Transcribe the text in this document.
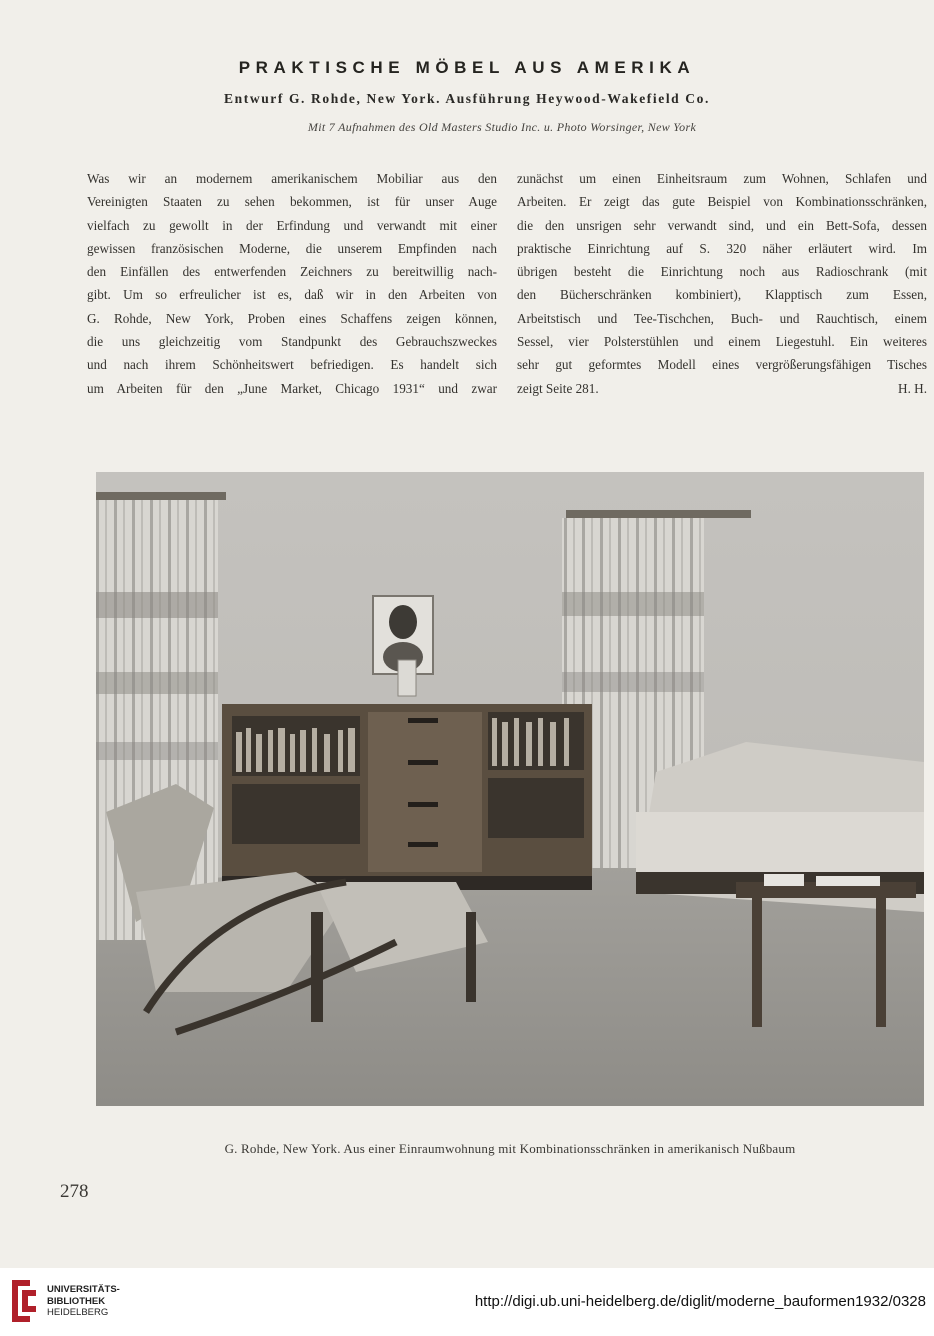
PRAKTISCHE MÖBEL AUS AMERIKA
Entwurf G. Rohde, New York. Ausführung Heywood-Wakefield Co.
Mit 7 Aufnahmen des Old Masters Studio Inc. u. Photo Worsinger, New York
Was wir an modernem amerikanischem Mobiliar aus den
Vereinigten Staaten zu sehen bekommen, ist für unser Auge
vielfach zu gewollt in der Erfindung und verwandt mit einer
gewissen französischen Moderne, die unserem Empfinden nach
den Einfällen des entwerfenden Zeichners zu bereitwillig nach-
gibt. Um so erfreulicher ist es, daß wir in den Arbeiten von
G. Rohde, New York, Proben eines Schaffens zeigen können,
die uns gleichzeitig vom Standpunkt des Gebrauchszweckes
und nach ihrem Schönheitswert befriedigen. Es handelt sich
um Arbeiten für den „June Market, Chicago 1931“ und zwar
zunächst um einen Einheitsraum zum Wohnen, Schlafen und
Arbeiten. Er zeigt das gute Beispiel von Kombinationsschränken,
die den unsrigen sehr verwandt sind, und ein Bett-Sofa, dessen
praktische Einrichtung auf S. 320 näher erläutert wird. Im
übrigen besteht die Einrichtung noch aus Radioschrank (mit
den Bücherschränken kombiniert), Klapptisch zum Essen,
Arbeitstisch und Tee-Tischchen, Buch- und Rauchtisch, einem
Sessel, vier Polsterstühlen und einem Liegestuhl. Ein weiteres
sehr gut geformtes Modell eines vergrößerungsfähigen Tisches
zeigt Seite 281.	H. H.
G. Rohde, New York. Aus einer Einraumwohnung mit Kombinationsschränken in amerikanisch Nußbaum
278
UNIVERSITÄTS-
BIBLIOTHEK
HEIDELBERG
http://digi.ub.uni-heidelberg.de/diglit/moderne_bauformen1932/0328
